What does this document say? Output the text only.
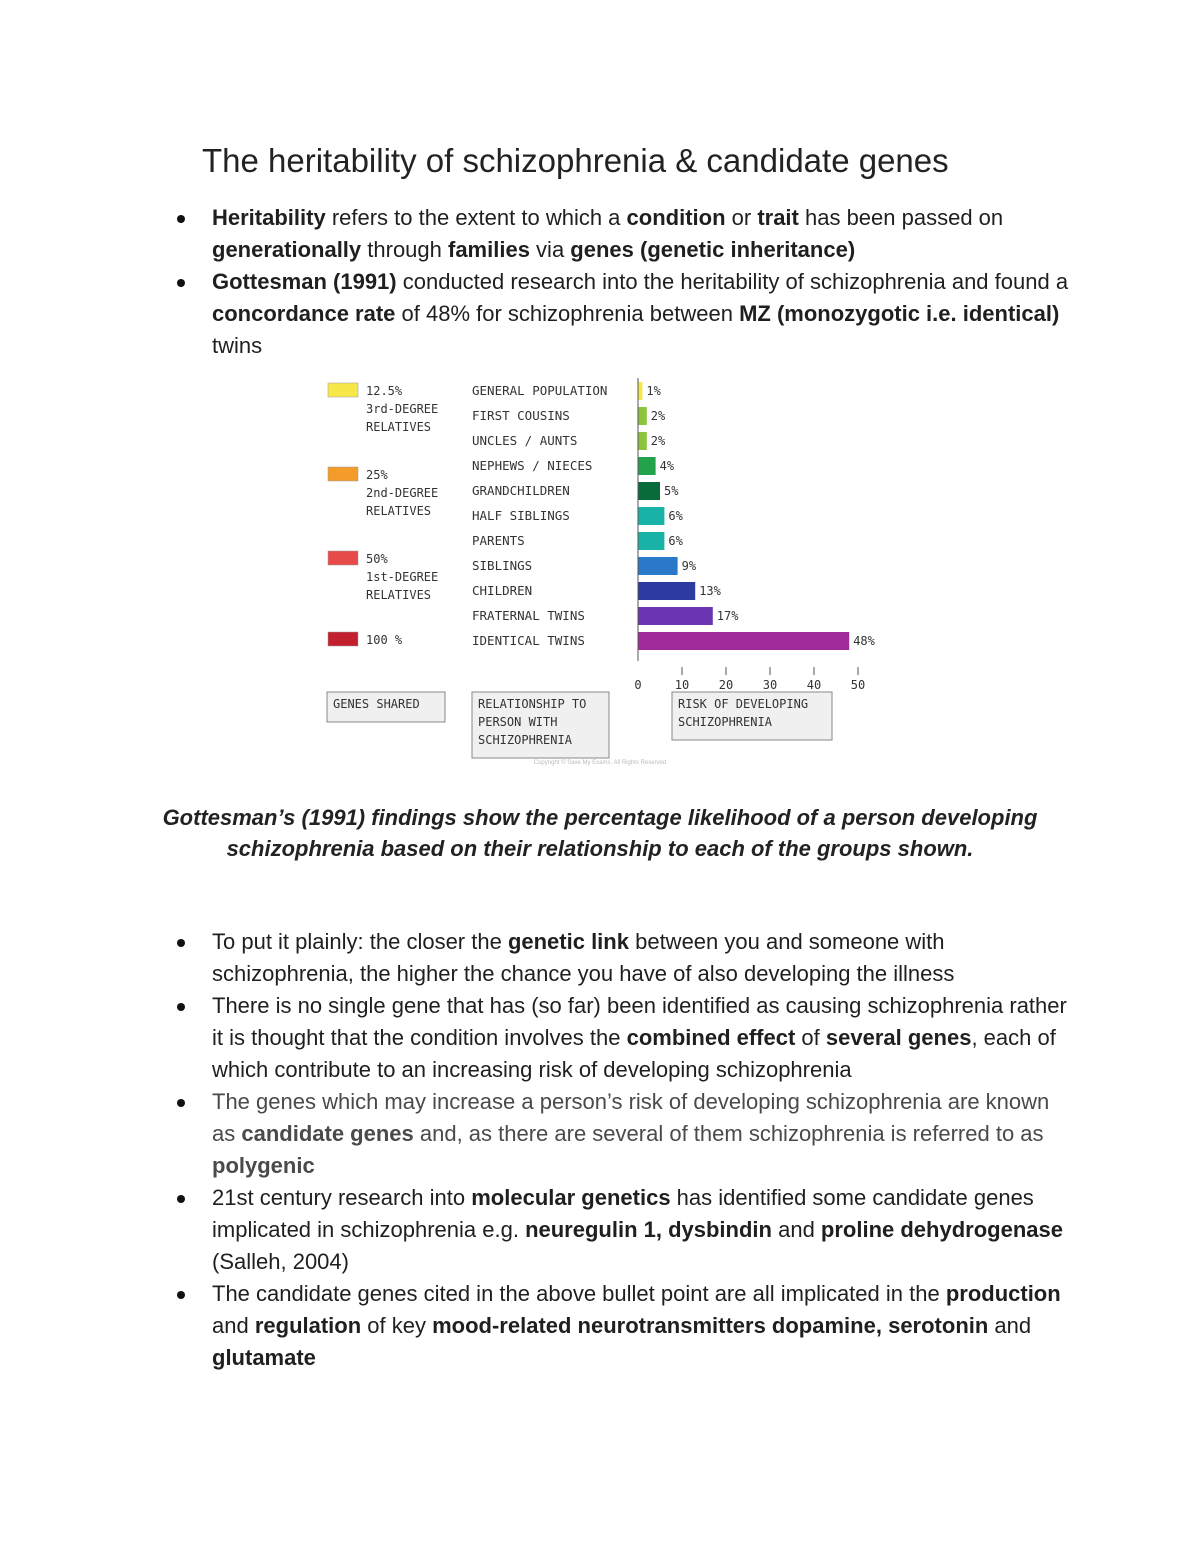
The heritability of schizophrenia & candidate genes
Heritability refers to the extent to which a condition or trait has been passed on generationally through families via genes (genetic inheritance)
Gottesman (1991) conducted research into the heritability of schizophrenia and found a concordance rate of 48% for schizophrenia between MZ (monozygotic i.e. identical) twins
12.5%
3rd-DEGREE
RELATIVES
25%
2nd-DEGREE
RELATIVES
50%
1st-DEGREE
RELATIVES
100 %
GENERAL POPULATION
FIRST COUSINS
UNCLES / AUNTS
NEPHEWS / NIECES
GRANDCHILDREN
HALF SIBLINGS
PARENTS
SIBLINGS
CHILDREN
FRATERNAL TWINS
IDENTICAL TWINS
1%
2%
2%
4%
5%
6%
6%
9%
13%
17%
48%
0	10 20 30 40 50
GENES SHARED	RELATIONSHIP TO
PERSON WITH
SCHIZOPHRENIA
RISK OF DEVELOPING
SCHIZOPHRENIA
Copyright © Save My Exams. All Rights Reserved
Gottesman’s (1991) findings show the percentage likelihood of a person developing schizophrenia based on their relationship to each of the groups shown.
To put it plainly: the closer the genetic link between you and someone with schizophrenia, the higher the chance you have of also developing the illness
There is no single gene that has (so far) been identified as causing schizophrenia rather it is thought that the condition involves the combined effect of several genes, each of which contribute to an increasing risk of developing schizophrenia
The genes which may increase a person’s risk of developing schizophrenia are known as candidate genes and, as there are several of them schizophrenia is referred to as polygenic
21st century research into molecular genetics has identified some candidate genes implicated in schizophrenia e.g. neuregulin 1, dysbindin and proline dehydrogenase (Salleh, 2004)
The candidate genes cited in the above bullet point are all implicated in the production and regulation of key mood-related neurotransmitters dopamine, serotonin and glutamate
